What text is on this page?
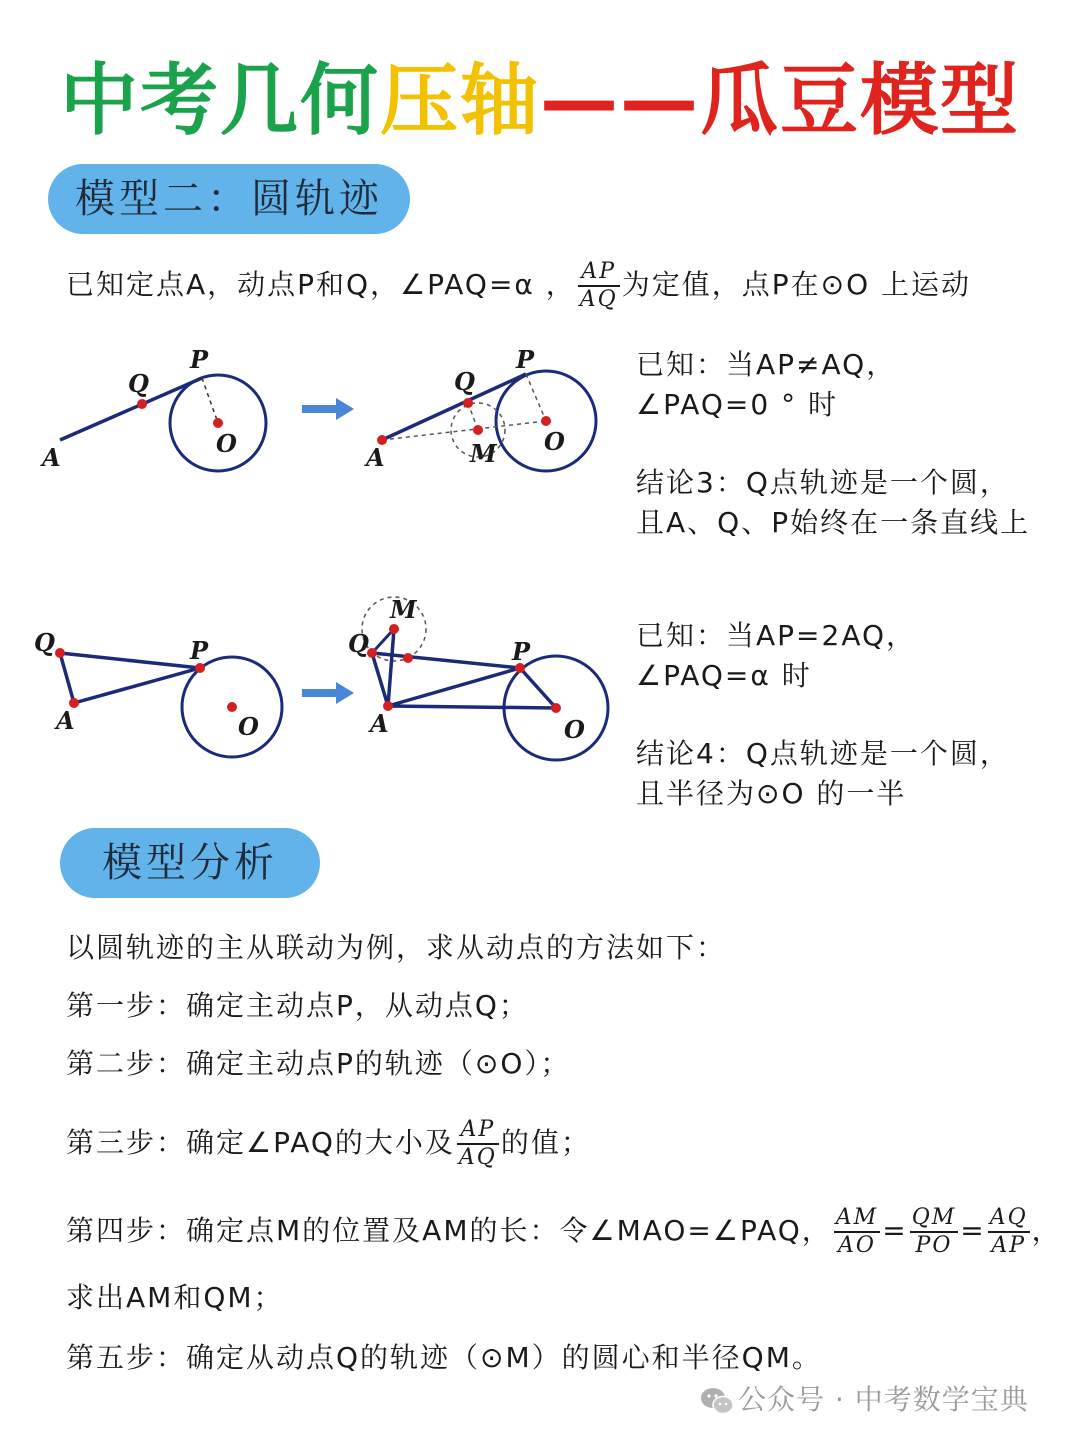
中考几何压轴——瓜豆模型
模型二：圆轨迹
已知定点A，动点P和Q，∠PAQ=α ， $\frac{AP}{AQ}$ 为定值，点P在⊙O 上运动
A
Q
P
O	A
Q
P
M O
已知：当AP≠AQ，
∠PAQ=0 ° 时
结论3：Q点轨迹是一个圆，
且A、Q、P始终在一条直线上
Q
A
P
O
M
Q	P
A	O
已知：当AP=2AQ，
∠PAQ=α 时
结论4：Q点轨迹是一个圆，
且半径为⊙O 的一半
模型分析
以圆轨迹的主从联动为例，求从动点的方法如下：
第一步：确定主动点P，从动点Q；
第二步：确定主动点P的轨迹（⊙O）；
第三步：确定∠PAQ的大小及 $\frac{AP}{AQ}$ 的值；
第四步：确定点M的位置及AM的长：令∠MAO=∠PAQ， $\frac{AM}{AO} = \frac{QM}{PO} = \frac{AQ}{AP}$ ，
求出AM和QM；
第五步：确定从动点Q的轨迹（⊙M）的圆心和半径QM。
公众号 · 中考数学宝典
